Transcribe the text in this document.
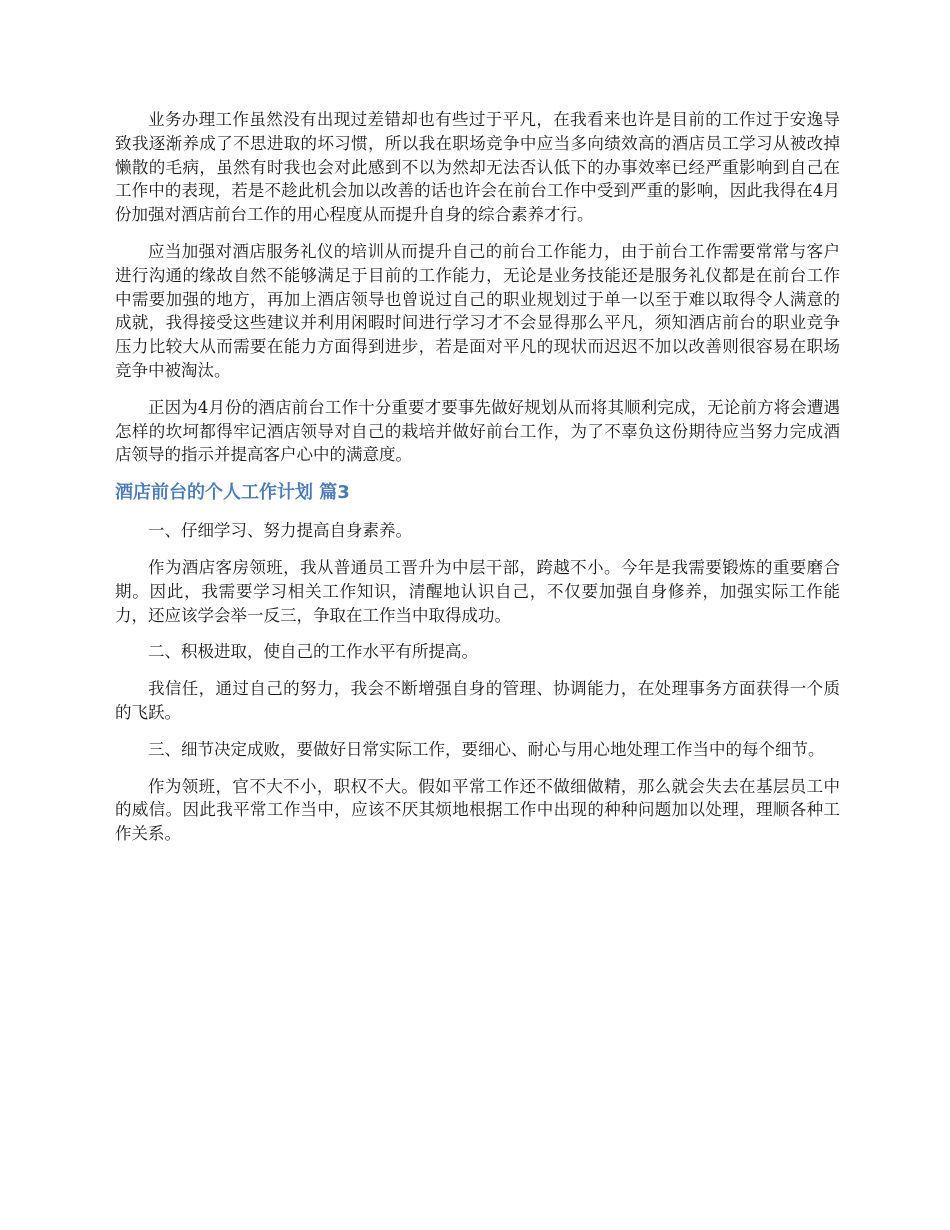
业务办理工作虽然没有出现过差错却也有些过于平凡，在我看来也许是目前的工作过于安逸导致我逐渐养成了不思进取的坏习惯，所以我在职场竞争中应当多向绩效高的酒店员工学习从被改掉懒散的毛病，虽然有时我也会对此感到不以为然却无法否认低下的办事效率已经严重影响到自己在工作中的表现，若是不趁此机会加以改善的话也许会在前台工作中受到严重的影响，因此我得在4月份加强对酒店前台工作的用心程度从而提升自身的综合素养才行。

应当加强对酒店服务礼仪的培训从而提升自己的前台工作能力，由于前台工作需要常常与客户进行沟通的缘故自然不能够满足于目前的工作能力，无论是业务技能还是服务礼仪都是在前台工作中需要加强的地方，再加上酒店领导也曾说过自己的职业规划过于单一以至于难以取得令人满意的成就，我得接受这些建议并利用闲暇时间进行学习才不会显得那么平凡，须知酒店前台的职业竞争压力比较大从而需要在能力方面得到进步，若是面对平凡的现状而迟迟不加以改善则很容易在职场竞争中被淘汰。

正因为4月份的酒店前台工作十分重要才要事先做好规划从而将其顺利完成，无论前方将会遭遇怎样的坎坷都得牢记酒店领导对自己的栽培并做好前台工作，为了不辜负这份期待应当努力完成酒店领导的指示并提高客户心中的满意度。

酒店前台的个人工作计划 篇3

一、仔细学习、努力提高自身素养。

作为酒店客房领班，我从普通员工晋升为中层干部，跨越不小。今年是我需要锻炼的重要磨合期。因此，我需要学习相关工作知识，清醒地认识自己，不仅要加强自身修养，加强实际工作能力，还应该学会举一反三，争取在工作当中取得成功。

二、积极进取，使自己的工作水平有所提高。

我信任，通过自己的努力，我会不断增强自身的管理、协调能力，在处理事务方面获得一个质的飞跃。

三、细节决定成败，要做好日常实际工作，要细心、耐心与用心地处理工作当中的每个细节。

作为领班，官不大不小，职权不大。假如平常工作还不做细做精，那么就会失去在基层员工中的威信。因此我平常工作当中，应该不厌其烦地根据工作中出现的种种问题加以处理，理顺各种工作关系。
